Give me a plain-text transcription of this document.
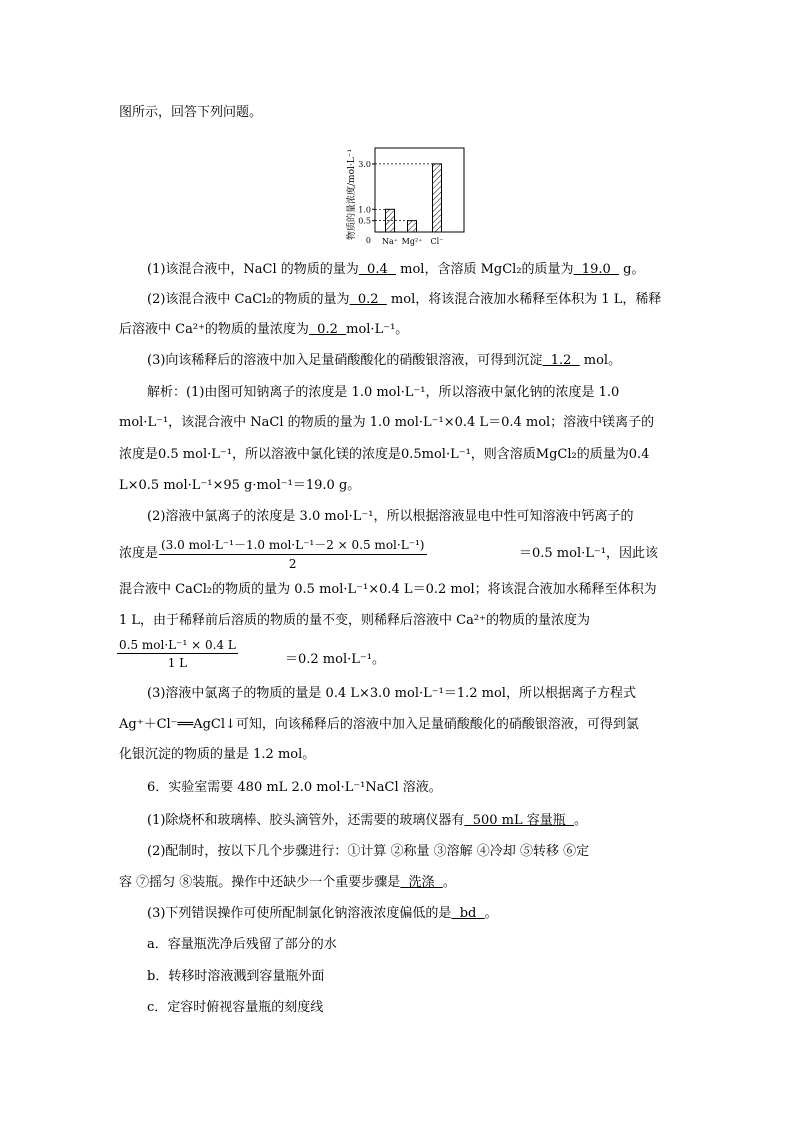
图所示，回答下列问题。
物质的量浓度/mol·L⁻¹
Na⁺ Mg²⁺ Cl⁻
3.0
1.0
0.5
0
(1)该混合液中，NaCl 的物质的量为 0.4   mol，含溶质 MgCl₂的质量为 19.0   g。
(2)该混合液中 CaCl₂的物质的量为 0.2   mol，将该混合液加水稀释至体积为 1 L，稀释
后溶液中 Ca²⁺的物质的量浓度为 0.2 mol·L⁻¹。
(3)向该稀释后的溶液中加入足量硝酸酸化的硝酸银溶液，可得到沉淀 1.2   mol。
解析：(1)由图可知钠离子的浓度是 1.0 mol·L⁻¹，所以溶液中氯化钠的浓度是 1.0
mol·L⁻¹，该混合液中 NaCl 的物质的量为 1.0 mol·L⁻¹×0.4 L＝0.4 mol；溶液中镁离子的
浓度是0.5 mol·L⁻¹，所以溶液中氯化镁的浓度是0.5mol·L⁻¹，则含溶质MgCl₂的质量为0.4
L×0.5 mol·L⁻¹×95 g·mol⁻¹＝19.0 g。
(2)溶液中氯离子的浓度是 3.0 mol·L⁻¹，所以根据溶液显电中性可知溶液中钙离子的
浓度是
(3.0 mol·L⁻¹－1.0 mol·L⁻¹－2 × 0.5 mol·L⁻¹)
2
＝0.5 mol·L⁻¹，因此该
混合液中 CaCl₂的物质的量为 0.5 mol·L⁻¹×0.4 L＝0.2 mol；将该混合液加水稀释至体积为
1 L，由于稀释前后溶质的物质的量不变，则稀释后溶液中 Ca²⁺的物质的量浓度为
0.5 mol·L⁻¹ × 0.4 L
1 L	＝0.2 mol·L⁻¹。
(3)溶液中氯离子的物质的量是 0.4 L×3.0 mol·L⁻¹＝1.2 mol，所以根据离子方程式
Ag⁺＋Cl⁻══AgCl↓可知，向该稀释后的溶液中加入足量硝酸酸化的硝酸银溶液，可得到氯
化银沉淀的物质的量是 1.2 mol。
6．实验室需要 480 mL 2.0 mol·L⁻¹NaCl 溶液。
(1)除烧杯和玻璃棒、胶头滴管外，还需要的玻璃仪器有 500 mL 容量瓶 。
(2)配制时，按以下几个步骤进行：①计算 ②称量 ③溶解 ④冷却 ⑤转移 ⑥定
容 ⑦摇匀 ⑧装瓶。操作中还缺少一个重要步骤是 洗涤 。
(3)下列错误操作可使所配制氯化钠溶液浓度偏低的是 bd 。
a．容量瓶洗净后残留了部分的水
b．转移时溶液溅到容量瓶外面
c．定容时俯视容量瓶的刻度线
